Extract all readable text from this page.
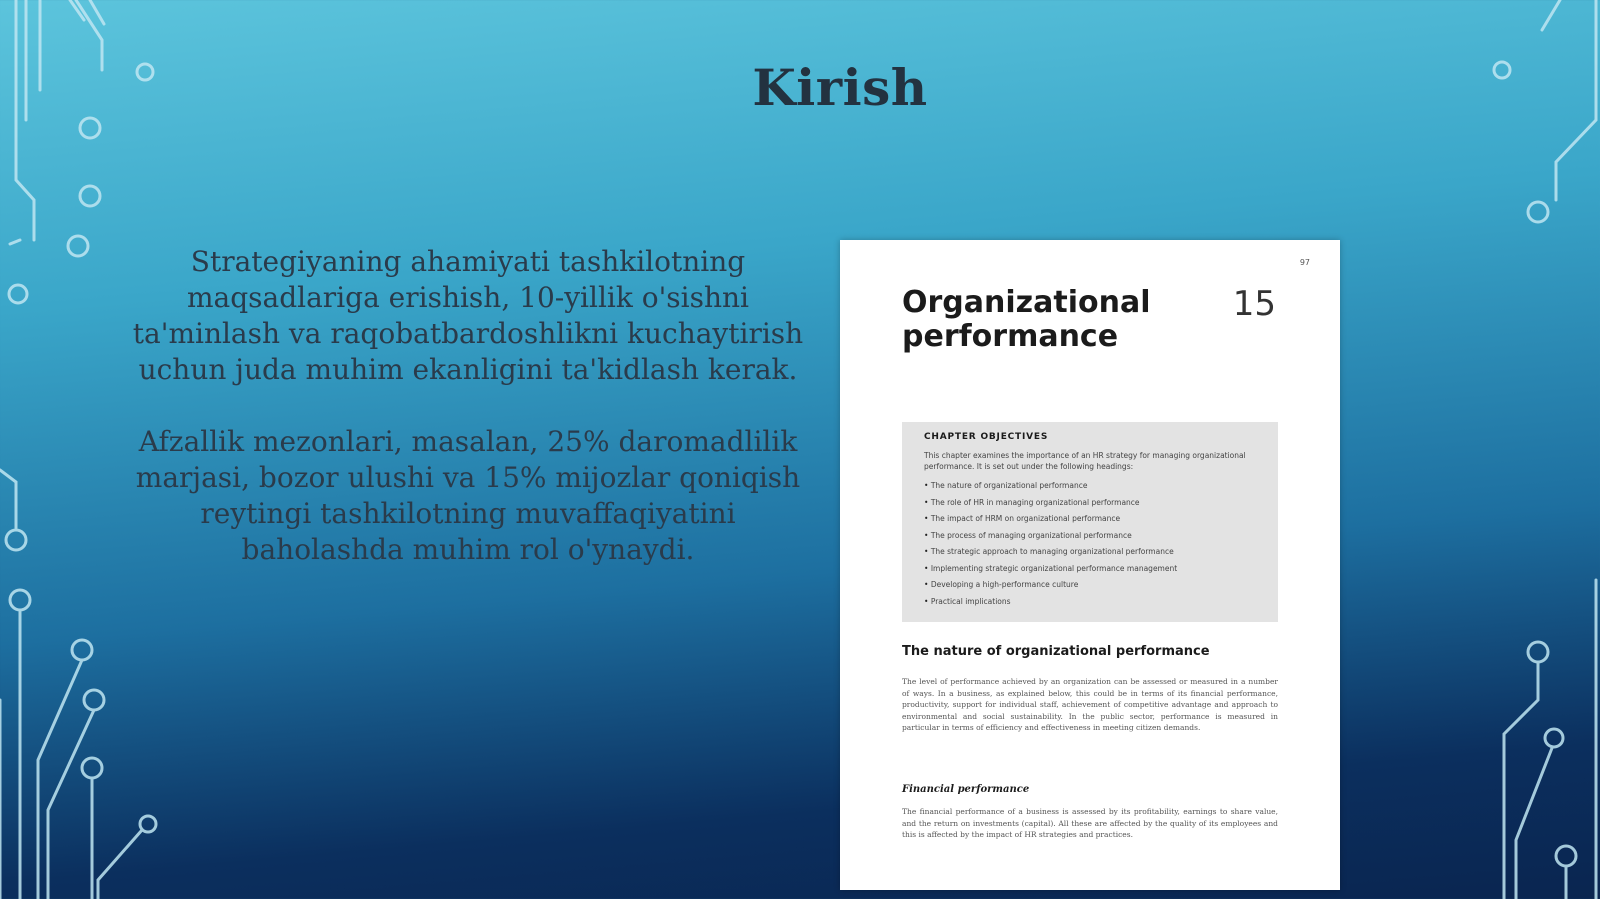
Kirish

Strategiyaning ahamiyati tashkilotning maqsadlariga erishish, 10-yillik o'sishni ta'minlash va raqobatbardoshlikni kuchaytirish uchun juda muhim ekanligini ta'kidlash kerak.

Afzallik mezonlari, masalan, 25% daromadlilik marjasi, bozor ulushi va 15% mijozlar qoniqish reytingi tashkilotning muvaffaqiyatini baholashda muhim rol o'ynaydi.

97
Organizational performance
15
CHAPTER OBJECTIVES
This chapter examines the importance of an HR strategy for managing organizational performance. It is set out under the following headings:
• The nature of organizational performance
• The role of HR in managing organizational performance
• The impact of HRM on organizational performance
• The process of managing organizational performance
• The strategic approach to managing organizational performance
• Implementing strategic organizational performance management
• Developing a high-performance culture
• Practical implications
The nature of organizational performance
The level of performance achieved by an organization can be assessed or measured in a number of ways. In a business, as explained below, this could be in terms of its financial performance, productivity, support for individual staff, achievement of competitive advantage and approach to environmental and social sustainability. In the public sector, performance is measured in particular in terms of efficiency and effectiveness in meeting citizen demands.
Financial performance
The financial performance of a business is assessed by its profitability, earnings to share value, and the return on investments (capital). All these are affected by the quality of its employees and this is affected by the impact of HR strategies and practices.
